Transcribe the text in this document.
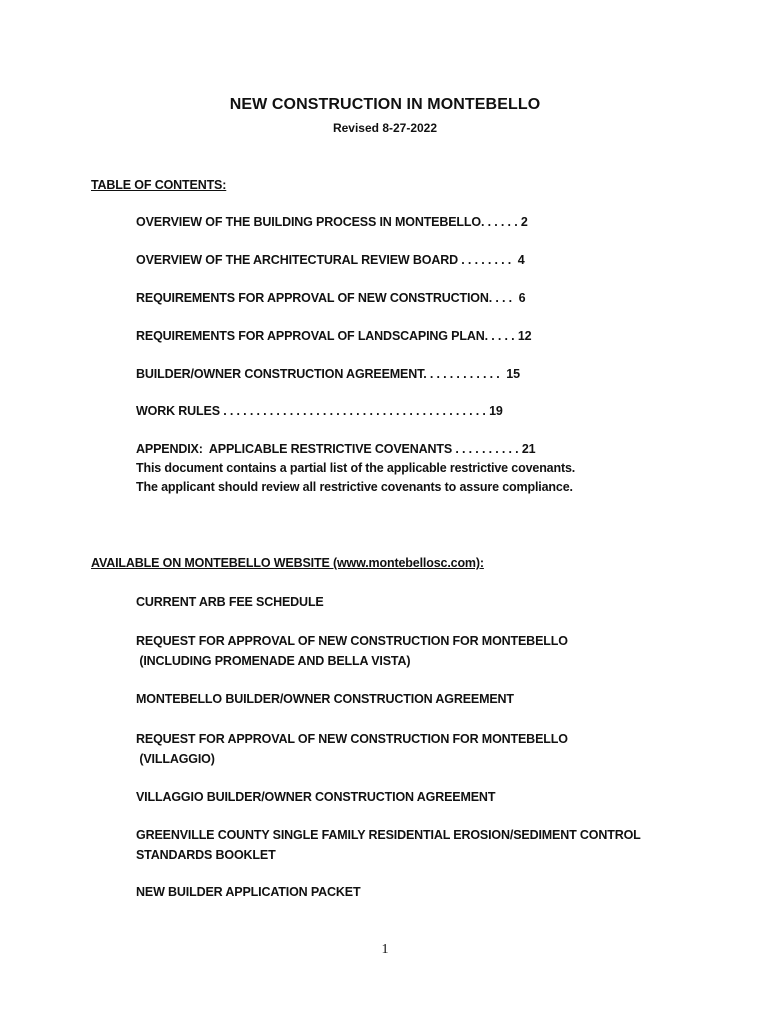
NEW CONSTRUCTION IN MONTEBELLO
Revised 8-27-2022
TABLE OF CONTENTS:
OVERVIEW OF THE BUILDING PROCESS IN MONTEBELLO. . . . . . 2
OVERVIEW OF THE ARCHITECTURAL REVIEW BOARD . . . . . . . .  4
REQUIREMENTS FOR APPROVAL OF NEW CONSTRUCTION. . . .  6
REQUIREMENTS FOR APPROVAL OF LANDSCAPING PLAN. . . . . 12
BUILDER/OWNER CONSTRUCTION AGREEMENT. . . . . . . . . . . .  15
WORK RULES . . . . . . . . . . . . . . . . . . . . . . . . . . . . . . . . . . . . . . . . 19
APPENDIX:  APPLICABLE RESTRICTIVE COVENANTS . . . . . . . . . . 21
This document contains a partial list of the applicable restrictive covenants.
The applicant should review all restrictive covenants to assure compliance.
AVAILABLE ON MONTEBELLO WEBSITE (www.montebellosc.com):
CURRENT ARB FEE SCHEDULE
REQUEST FOR APPROVAL OF NEW CONSTRUCTION FOR MONTEBELLO
(INCLUDING PROMENADE AND BELLA VISTA)
MONTEBELLO BUILDER/OWNER CONSTRUCTION AGREEMENT
REQUEST FOR APPROVAL OF NEW CONSTRUCTION FOR MONTEBELLO
(VILLAGGIO)
VILLAGGIO BUILDER/OWNER CONSTRUCTION AGREEMENT
GREENVILLE COUNTY SINGLE FAMILY RESIDENTIAL EROSION/SEDIMENT CONTROL
STANDARDS BOOKLET
NEW BUILDER APPLICATION PACKET
1
